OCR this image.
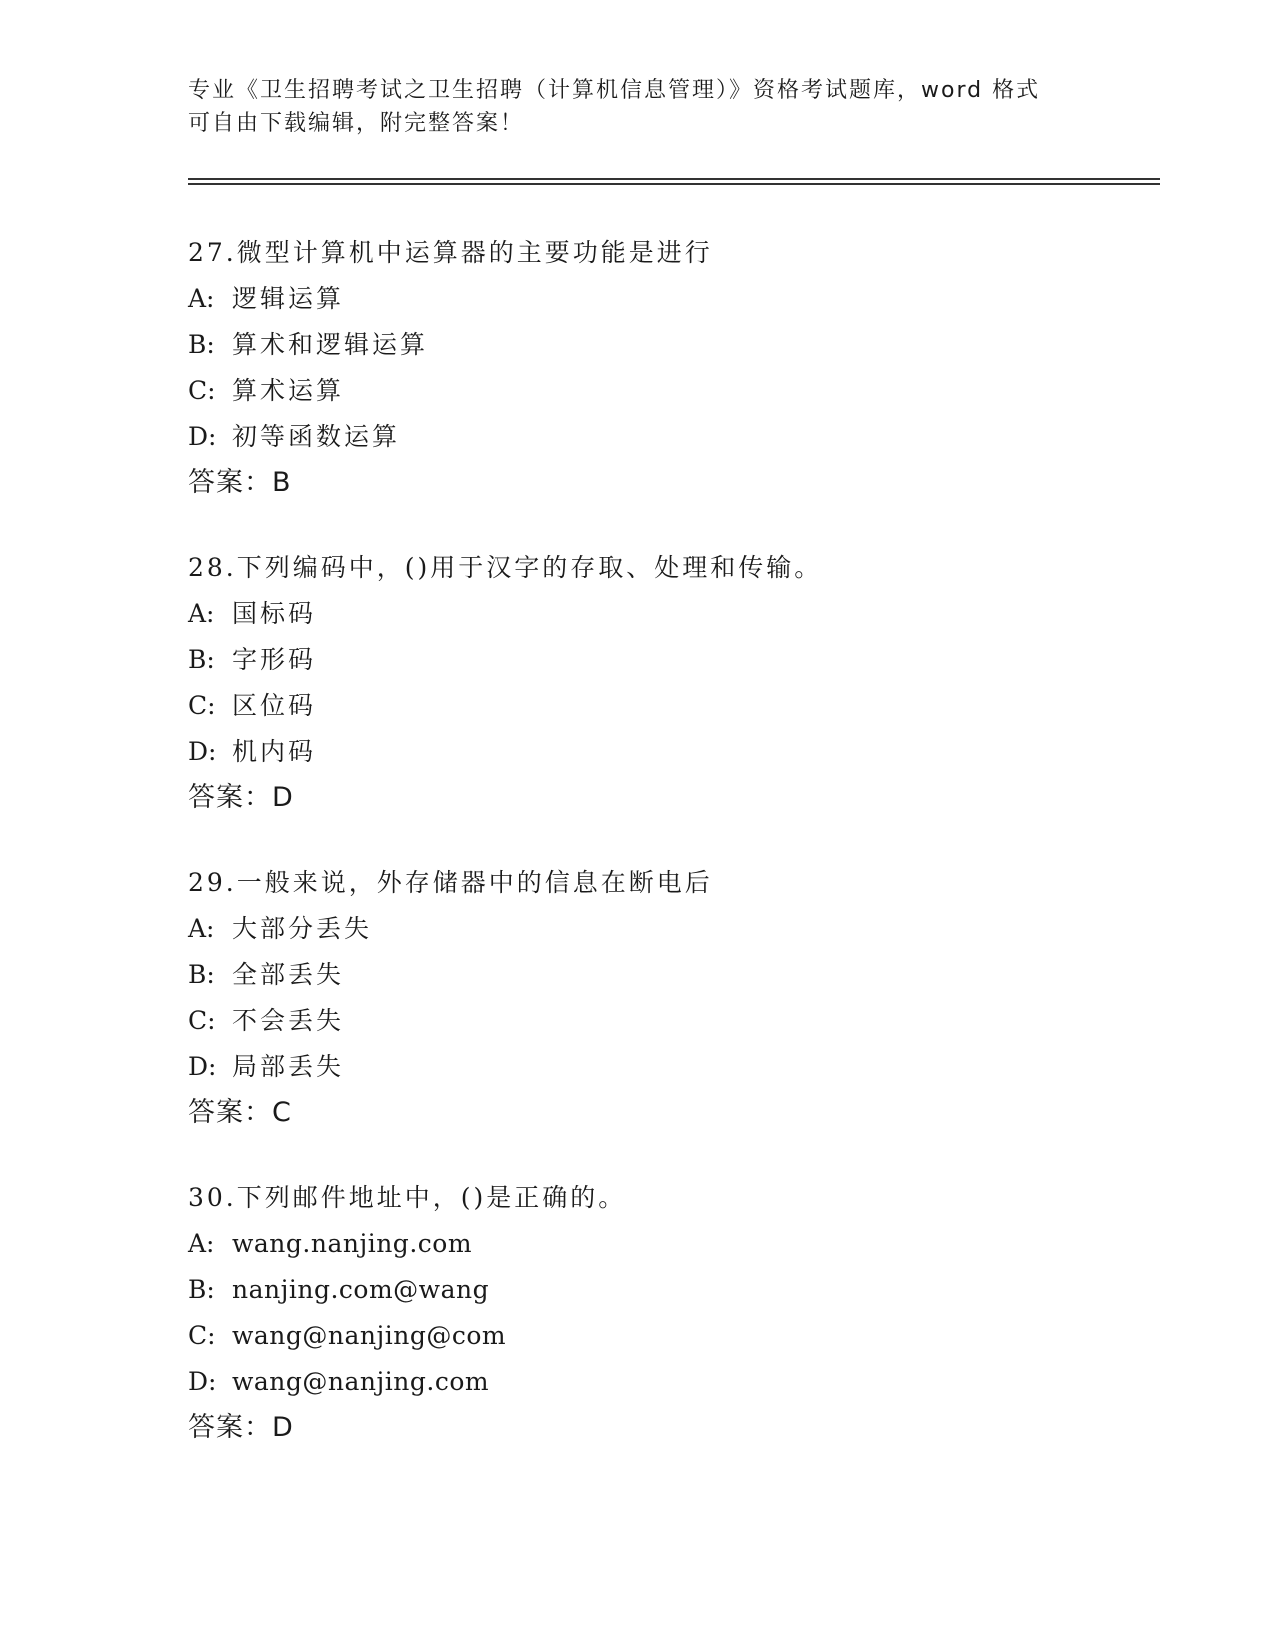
专业《卫生招聘考试之卫生招聘（计算机信息管理）》资格考试题库，word 格式
可自由下载编辑，附完整答案！
27.微型计算机中运算器的主要功能是进行
A: 逻辑运算
B: 算术和逻辑运算
C: 算术运算
D: 初等函数运算
答案：B
28.下列编码中，()用于汉字的存取、处理和传输。
A: 国标码
B: 字形码
C: 区位码
D: 机内码
答案：D
29.一般来说，外存储器中的信息在断电后
A: 大部分丢失
B: 全部丢失
C: 不会丢失
D: 局部丢失
答案：C
30.下列邮件地址中，()是正确的。
A: wang.nanjing.com
B: nanjing.com@wang
C: wang@nanjing@com
D: wang@nanjing.com
答案：D
